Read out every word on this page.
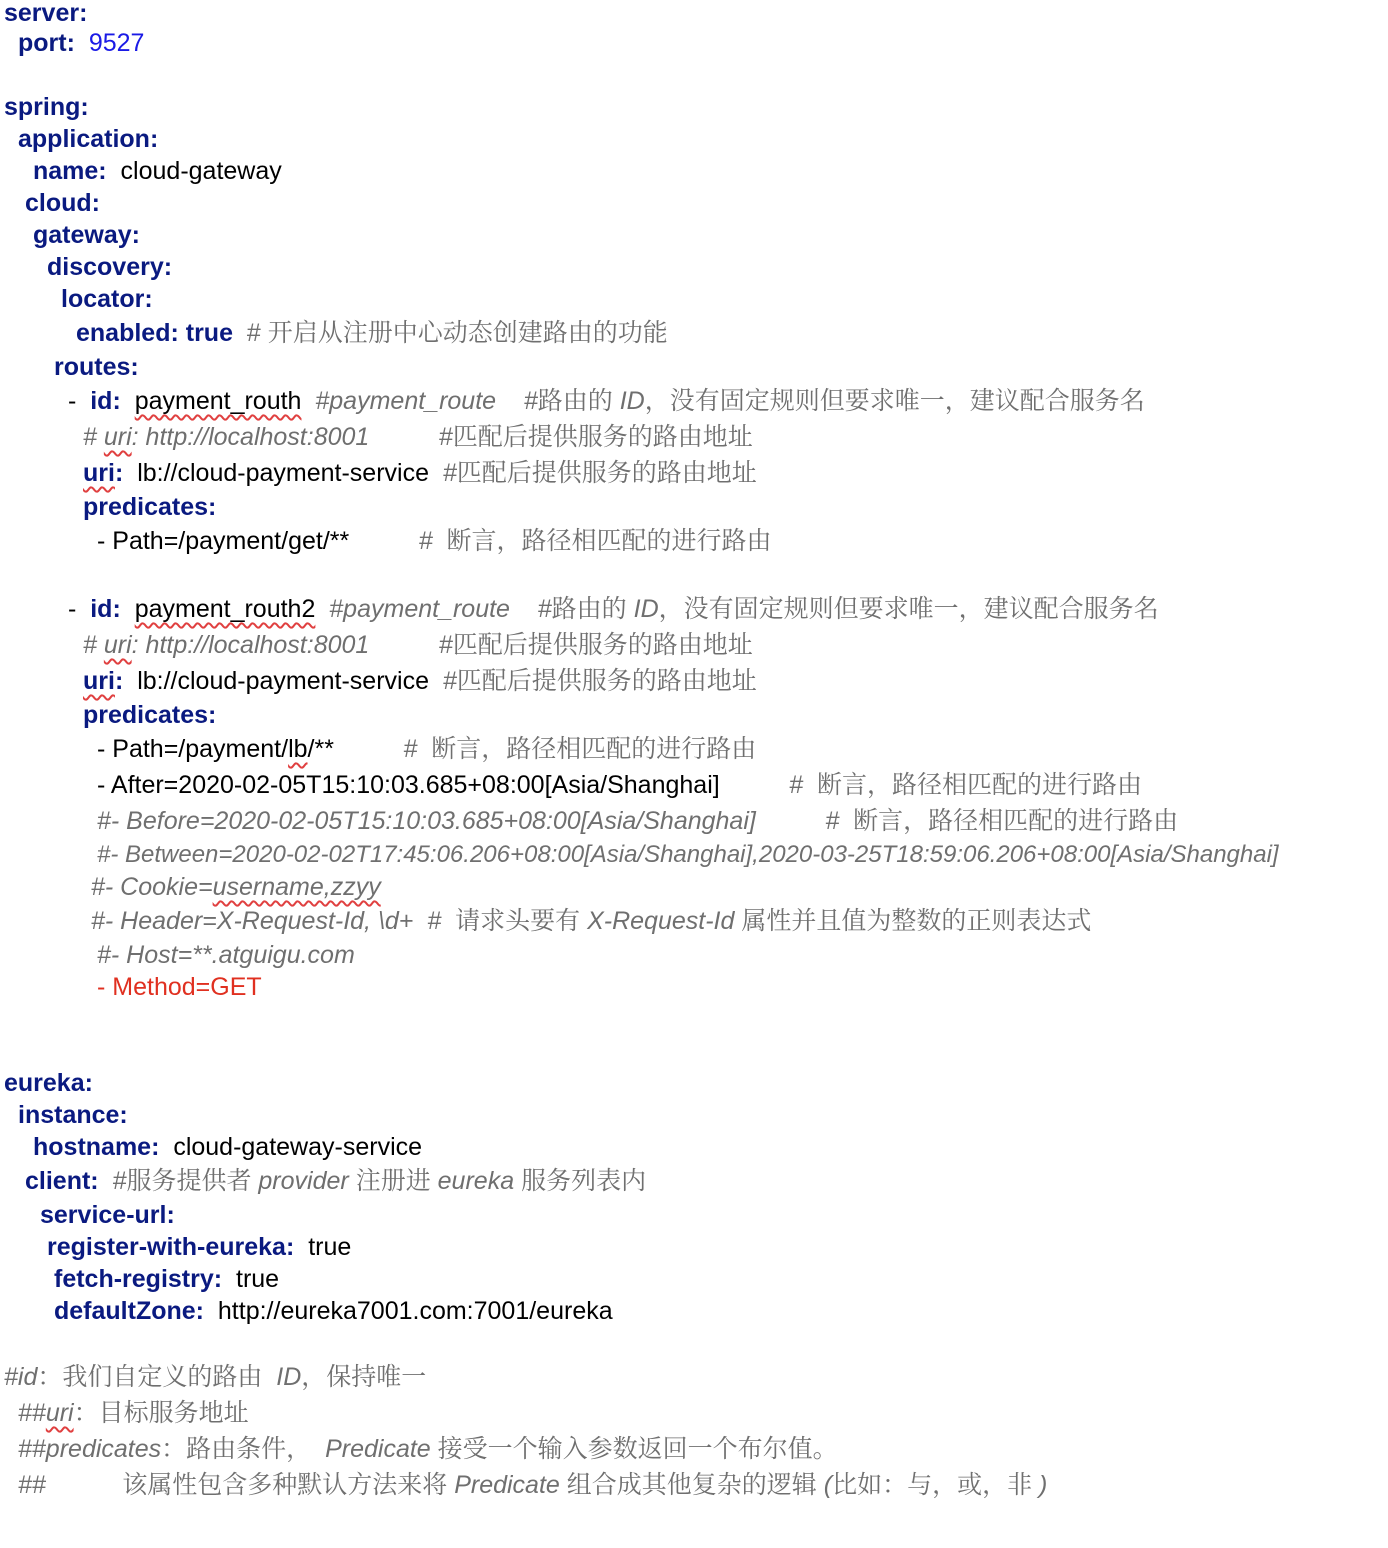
server:
port: 9527
spring:
application:
name: cloud-gateway
cloud:
gateway:
discovery:
locator:
enabled: true # 开启从注册中心动态创建路由的功能
routes:
- id: payment_routh #payment_route #路由的 ID，没有固定规则但要求唯一，建议配合服务名
# uri: http://localhost:8001	#匹配后提供服务的路由地址
uri: lb://cloud-payment-service #匹配后提供服务的路由地址
predicates:
- Path=/payment/get/**	# 断言，路径相匹配的进行路由
- id: payment_routh2 #payment_route #路由的 ID，没有固定规则但要求唯一，建议配合服务名
# uri: http://localhost:8001	#匹配后提供服务的路由地址
uri: lb://cloud-payment-service #匹配后提供服务的路由地址
predicates:
- Path=/payment/lb/**	# 断言，路径相匹配的进行路由
- After=2020-02-05T15:10:03.685+08:00[Asia/Shanghai]	# 断言，路径相匹配的进行路由
#- Before=2020-02-05T15:10:03.685+08:00[Asia/Shanghai]	# 断言，路径相匹配的进行路由
#- Between=2020-02-02T17:45:06.206+08:00[Asia/Shanghai],2020-03-25T18:59:06.206+08:00[Asia/Shanghai]
#- Cookie=username,zzyy
#- Header=X-Request-Id, \d+ # 请求头要有 X-Request-Id 属性并且值为整数的正则表达式
#- Host=**.atguigu.com
- Method=GET
eureka:
instance:
hostname: cloud-gateway-service
client: #服务提供者 provider 注册进 eureka 服务列表内
service-url:
register-with-eureka: true
fetch-registry: true
defaultZone: http://eureka7001.com:7001/eureka
#id：我们自定义的路由 ID，保持唯一
##uri：目标服务地址
##predicates：路由条件， Predicate 接受一个输入参数返回一个布尔值。
##	该属性包含多种默认方法来将 Predicate 组合成其他复杂的逻辑 (比如：与，或，非 )
